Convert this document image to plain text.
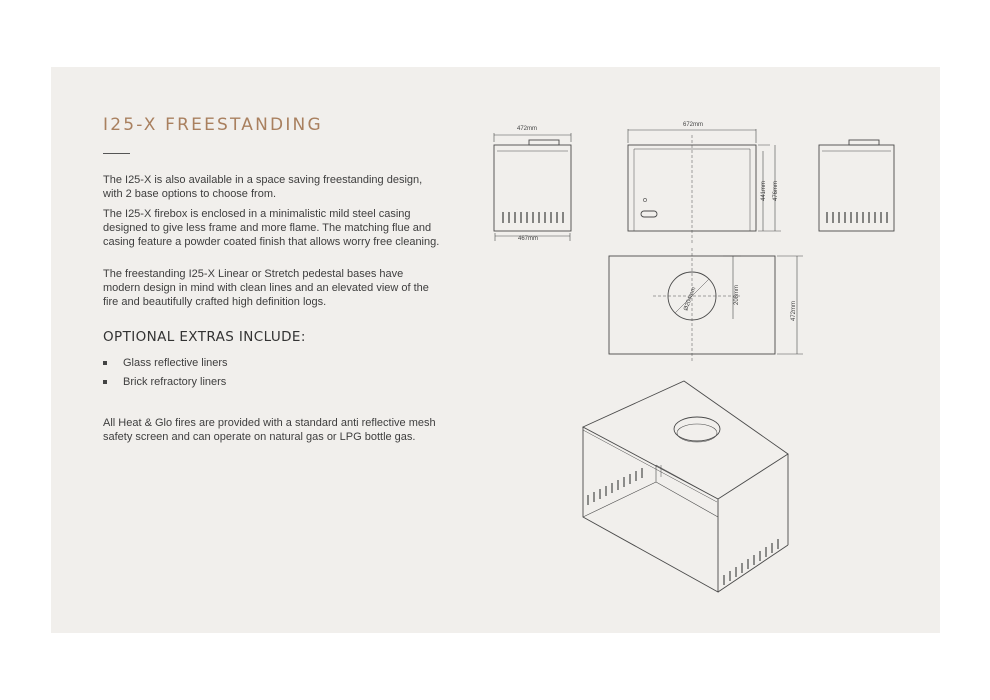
I25-X FREESTANDING

The I25-X is also available in a space saving freestanding design, with 2 base options to choose from.

The I25-X firebox is enclosed in a minimalistic mild steel casing designed to give less frame and more flame. The matching flue and casing feature a powder coated finish that allows worry free cleaning.

The freestanding I25-X Linear or Stretch pedestal bases have modern design in mind with clean lines and an elevated view of the fire and beautifully crafted high definition logs.

OPTIONAL EXTRAS INCLUDE:
Glass reflective liners
Brick refractory liners

All Heat & Glo fires are provided with a standard anti reflective mesh safety screen and can operate on natural gas or LPG bottle gas.

472mm
467mm
672mm
441mm 476mm
Ø204mm	208mm
472mm
